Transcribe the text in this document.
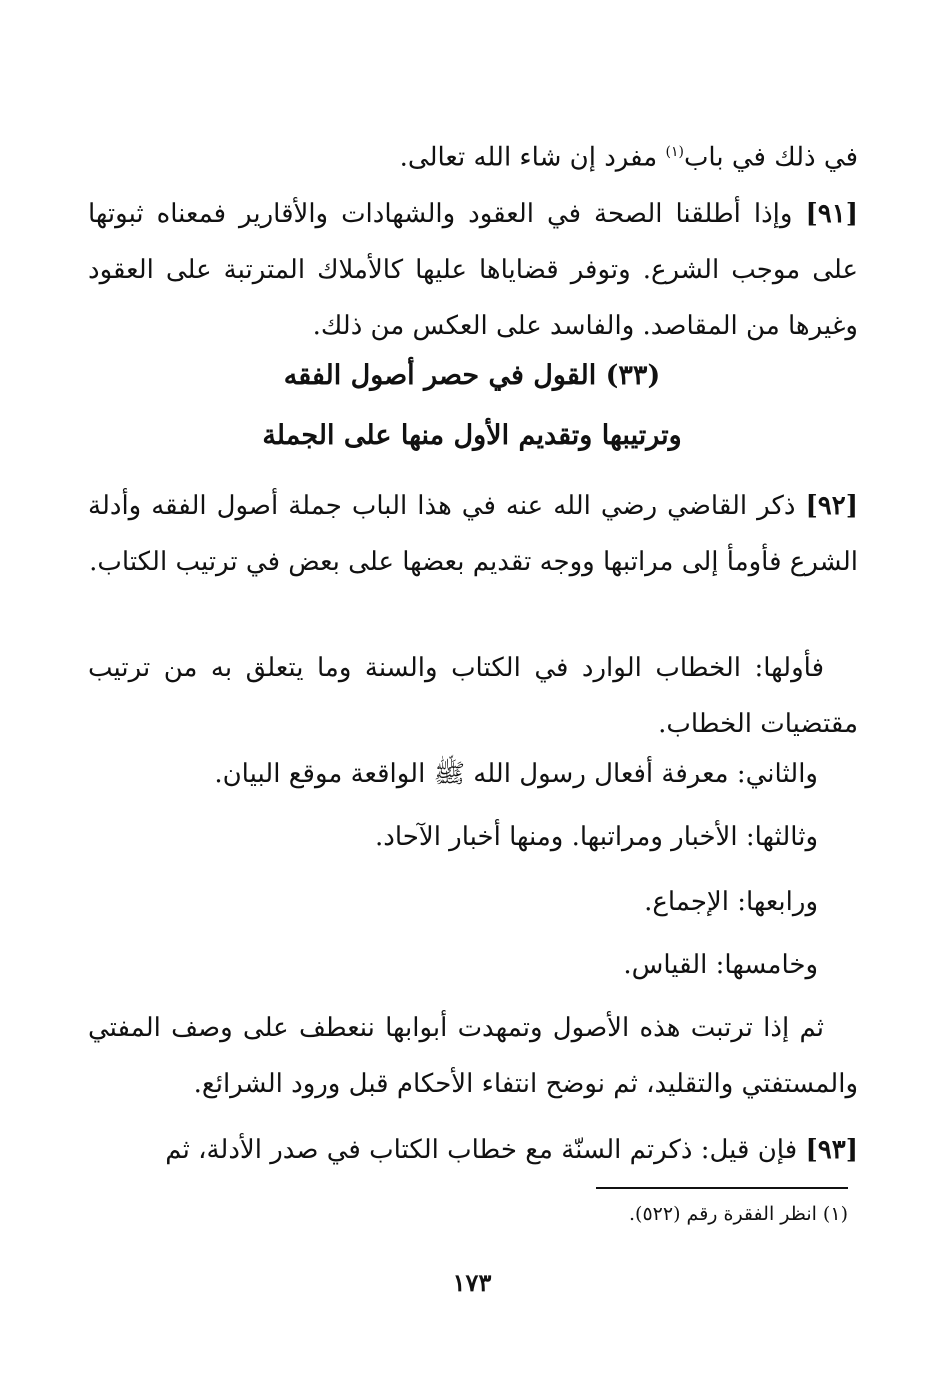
في ذلك في باب$^{(١)}$ مفرد إن شاء الله تعالى.

[٩١] وإذا أطلقنا الصحة في العقود والشهادات والأقارير فمعناه ثبوتها على موجب الشرع. وتوفر قضاياها عليها كالأملاك المترتبة على العقود وغيرها من المقاصد. والفاسد على العكس من ذلك.

(٣٣) القول في حصر أصول الفقه
وترتيبها وتقديم الأول منها على الجملة

[٩٢] ذكر القاضي رضي الله عنه في هذا الباب جملة أصول الفقه وأدلة الشرع فأومأ إلى مراتبها ووجه تقديم بعضها على بعض في ترتيب الكتاب.

فأولها: الخطاب الوارد في الكتاب والسنة وما يتعلق به من ترتيب مقتضيات الخطاب.

والثاني: معرفة أفعال رسول الله ﷺ الواقعة موقع البيان.
وثالثها: الأخبار ومراتبها. ومنها أخبار الآحاد.
ورابعها: الإجماع.
وخامسها: القياس.

ثم إذا ترتبت هذه الأصول وتمهدت أبوابها ننعطف على وصف المفتي والمستفتي والتقليد، ثم نوضح انتفاء الأحكام قبل ورود الشرائع.

[٩٣] فإن قيل: ذكرتم السنّة مع خطاب الكتاب في صدر الأدلة، ثم

(١) انظر الفقرة رقم (٥٢٢).
١٧٣
